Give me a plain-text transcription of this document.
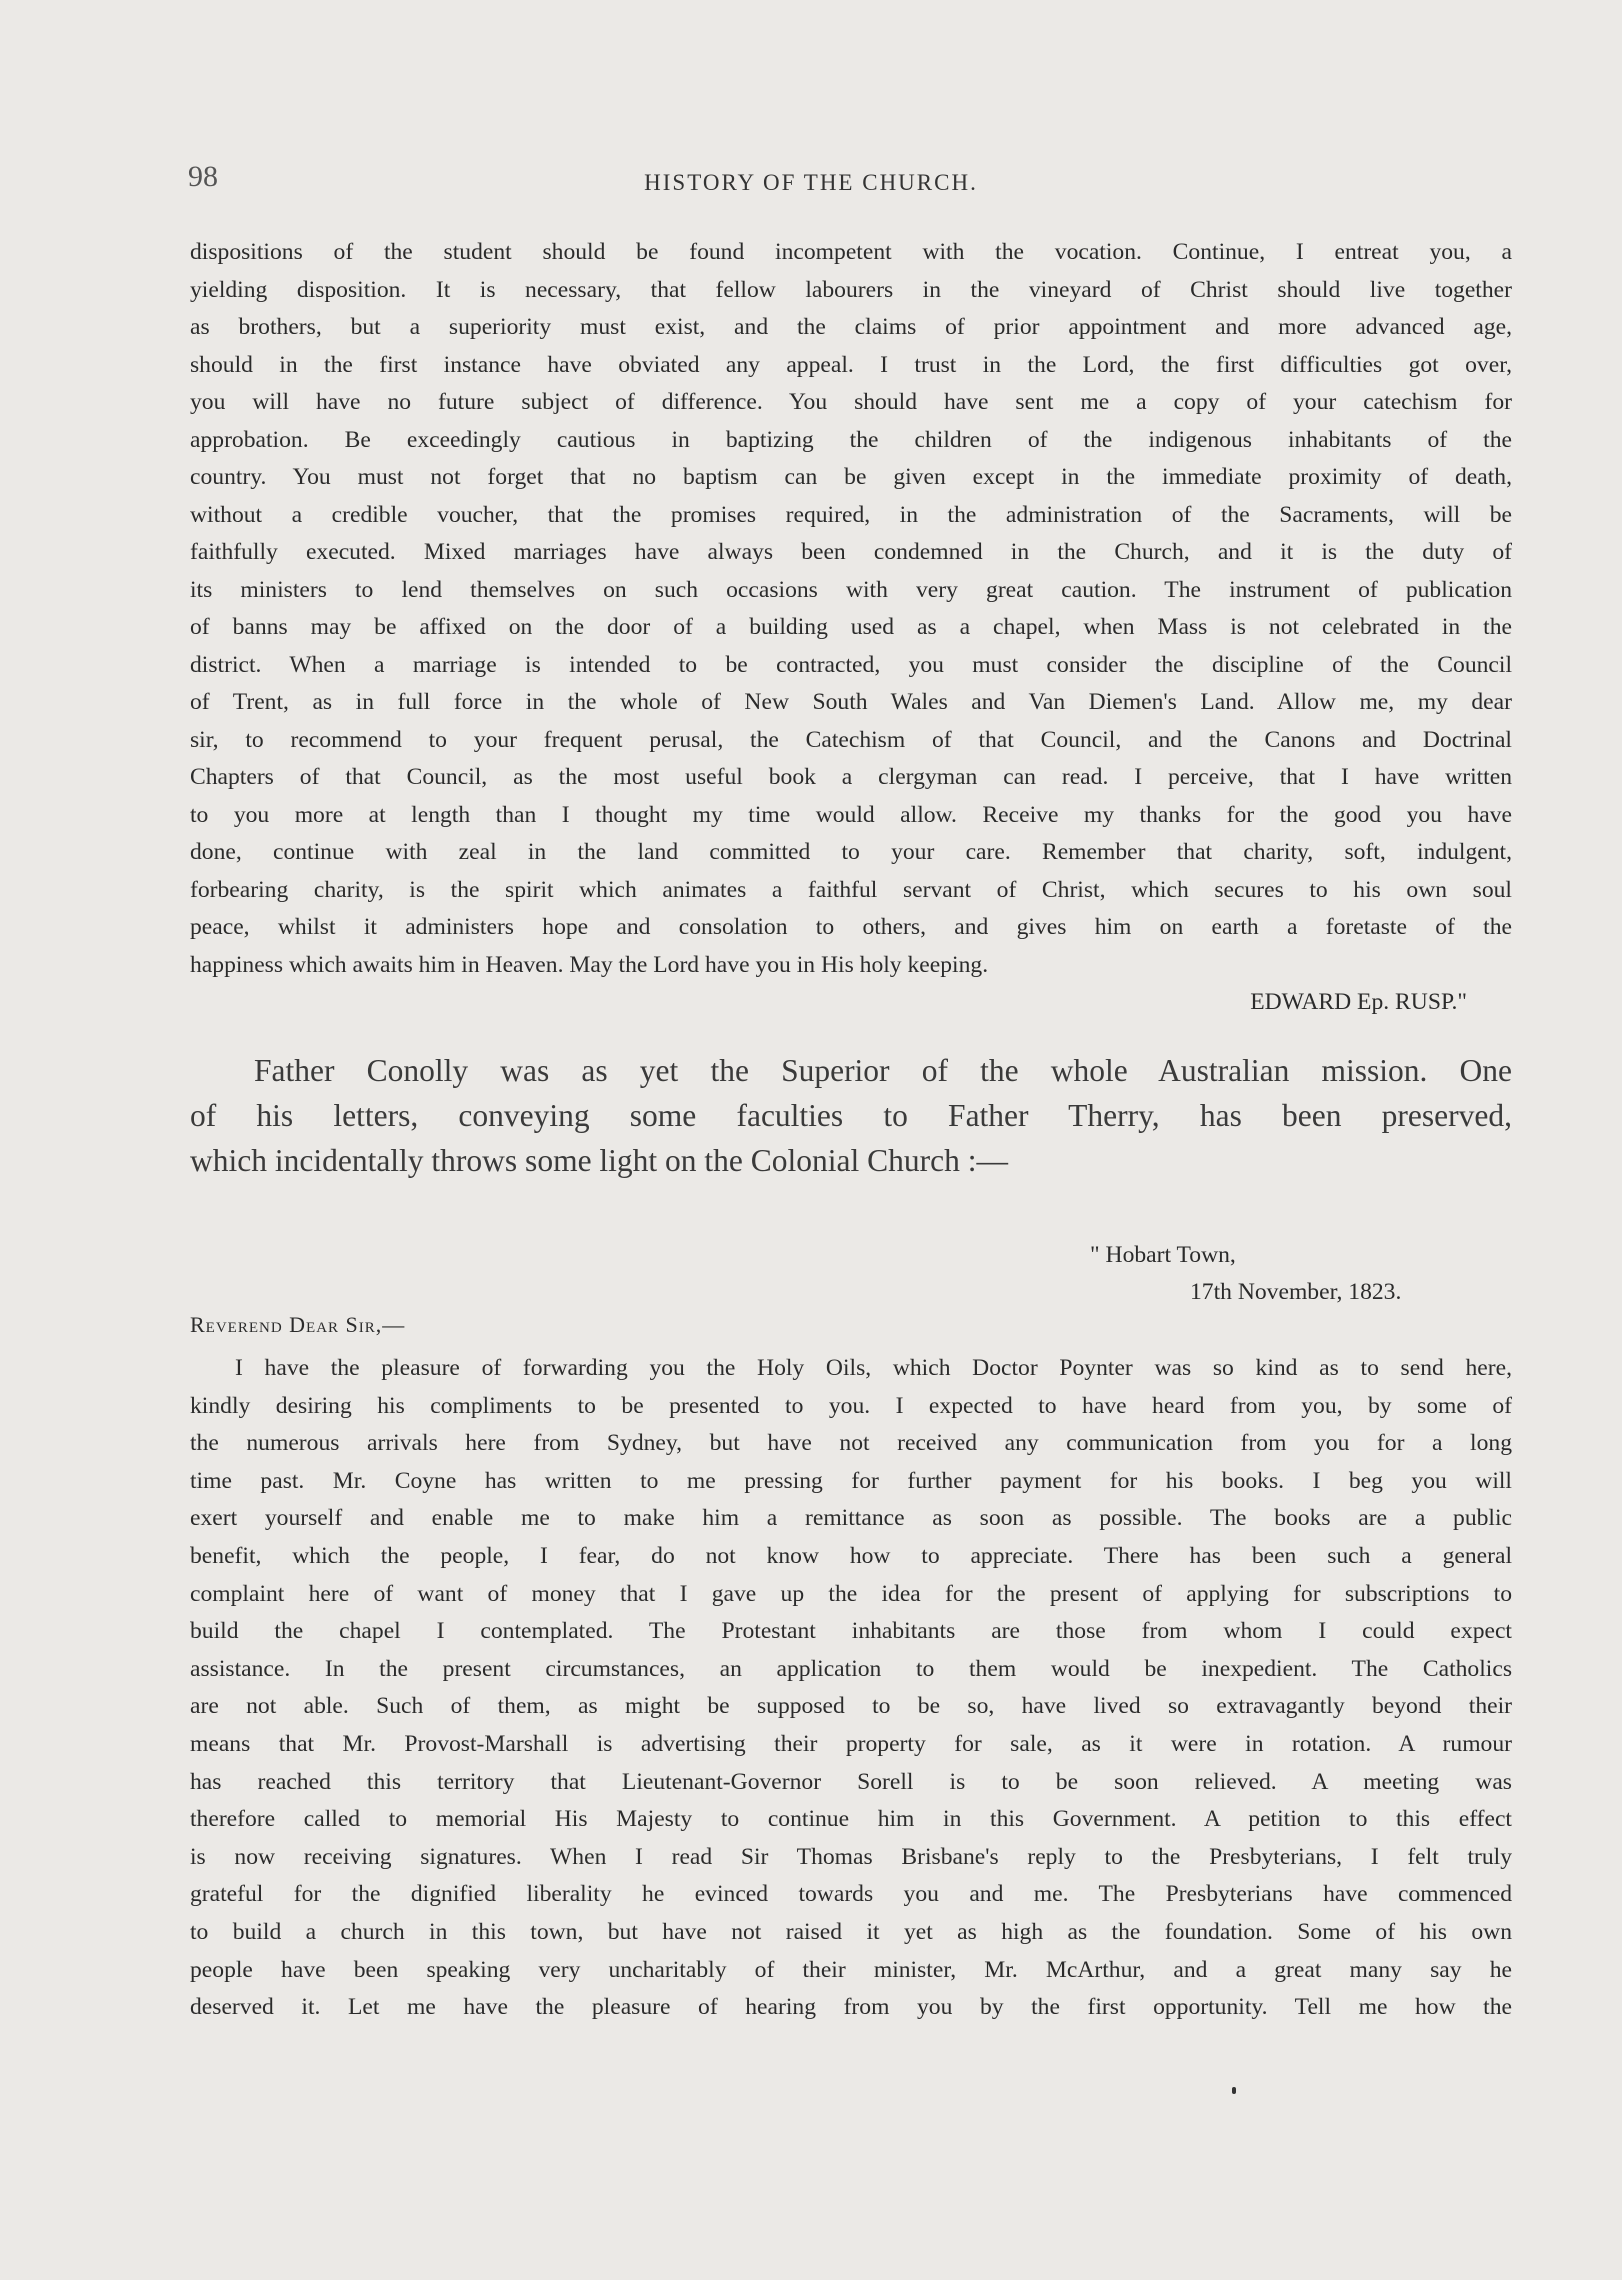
98	HISTORY OF THE CHURCH.
dispositions of the student should be found incompetent with the vocation. Continue, I entreat you, a
yielding disposition. It is necessary, that fellow labourers in the vineyard of Christ should live together
as brothers, but a superiority must exist, and the claims of prior appointment and more advanced age,
should in the first instance have obviated any appeal. I trust in the Lord, the first difficulties got over,
you will have no future subject of difference. You should have sent me a copy of your catechism for
approbation. Be exceedingly cautious in baptizing the children of the indigenous inhabitants of the
country. You must not forget that no baptism can be given except in the immediate proximity of death,
without a credible voucher, that the promises required, in the administration of the Sacraments, will be
faithfully executed. Mixed marriages have always been condemned in the Church, and it is the duty of
its ministers to lend themselves on such occasions with very great caution. The instrument of publication
of banns may be affixed on the door of a building used as a chapel, when Mass is not celebrated in the
district. When a marriage is intended to be contracted, you must consider the discipline of the Council
of Trent, as in full force in the whole of New South Wales and Van Diemen's Land. Allow me, my dear
sir, to recommend to your frequent perusal, the Catechism of that Council, and the Canons and Doctrinal
Chapters of that Council, as the most useful book a clergyman can read. I perceive, that I have written
to you more at length than I thought my time would allow. Receive my thanks for the good you have
done, continue with zeal in the land committed to your care. Remember that charity, soft, indulgent,
forbearing charity, is the spirit which animates a faithful servant of Christ, which secures to his own soul
peace, whilst it administers hope and consolation to others, and gives him on earth a foretaste of the
happiness which awaits him in Heaven. May the Lord have you in His holy keeping.
EDWARD Ep. RUSP."
Father Conolly was as yet the Superior of the whole Australian mission. One
of his letters, conveying some faculties to Father Therry, has been preserved,
which incidentally throws some light on the Colonial Church :—
" Hobart Town,
17th November, 1823.
Reverend Dear Sir,—
I have the pleasure of forwarding you the Holy Oils, which Doctor Poynter was so kind as to send here,
kindly desiring his compliments to be presented to you. I expected to have heard from you, by some of
the numerous arrivals here from Sydney, but have not received any communication from you for a long
time past. Mr. Coyne has written to me pressing for further payment for his books. I beg you will
exert yourself and enable me to make him a remittance as soon as possible. The books are a public
benefit, which the people, I fear, do not know how to appreciate. There has been such a general
complaint here of want of money that I gave up the idea for the present of applying for subscriptions to
build the chapel I contemplated. The Protestant inhabitants are those from whom I could expect
assistance. In the present circumstances, an application to them would be inexpedient. The Catholics
are not able. Such of them, as might be supposed to be so, have lived so extravagantly beyond their
means that Mr. Provost-Marshall is advertising their property for sale, as it were in rotation. A rumour
has reached this territory that Lieutenant-Governor Sorell is to be soon relieved. A meeting was
therefore called to memorial His Majesty to continue him in this Government. A petition to this effect
is now receiving signatures. When I read Sir Thomas Brisbane's reply to the Presbyterians, I felt truly
grateful for the dignified liberality he evinced towards you and me. The Presbyterians have commenced
to build a church in this town, but have not raised it yet as high as the foundation. Some of his own
people have been speaking very uncharitably of their minister, Mr. McArthur, and a great many say he
deserved it. Let me have the pleasure of hearing from you by the first opportunity. Tell me how the
